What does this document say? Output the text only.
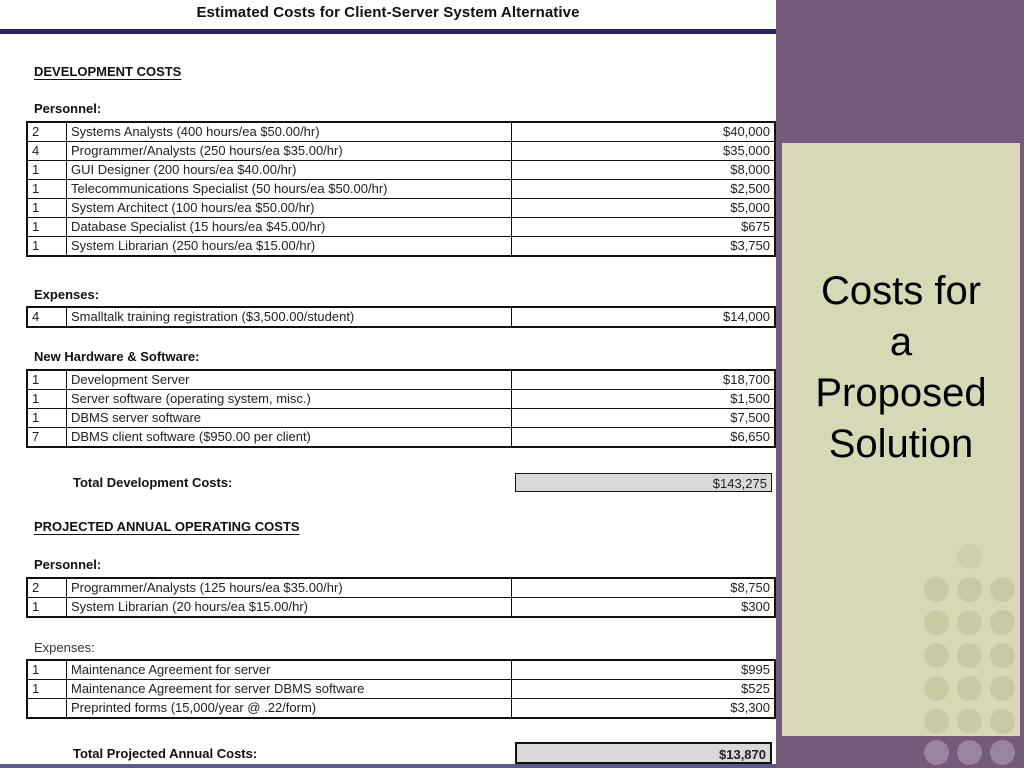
Estimated Costs for Client-Server System Alternative
DEVELOPMENT COSTS
Personnel:
2	Systems Analysts (400 hours/ea $50.00/hr)	$40,000
4	Programmer/Analysts (250 hours/ea $35.00/hr)	$35,000
1	GUI Designer (200 hours/ea $40.00/hr)	$8,000
1	Telecommunications Specialist (50 hours/ea $50.00/hr)	$2,500
1	System Architect (100 hours/ea $50.00/hr)	$5,000
1	Database Specialist (15 hours/ea $45.00/hr)	$675
1	System Librarian (250 hours/ea $15.00/hr)	$3,750
Expenses:
4	Smalltalk training registration ($3,500.00/student)	$14,000
New Hardware & Software:
1	Development Server	$18,700
1	Server software (operating system, misc.)	$1,500
1	DBMS server software	$7,500
7	DBMS client software ($950.00 per client)	$6,650
Total Development Costs:	$143,275
PROJECTED ANNUAL OPERATING COSTS
Personnel:
2	Programmer/Analysts (125 hours/ea $35.00/hr)	$8,750
1	System Librarian (20 hours/ea $15.00/hr)	$300
Expenses:
1	Maintenance Agreement for server	$995
1	Maintenance Agreement for server DBMS software	$525
	Preprinted forms (15,000/year @ .22/form)	$3,300
Total Projected Annual Costs:	$13,870
Costs for
a
Proposed
Solution
